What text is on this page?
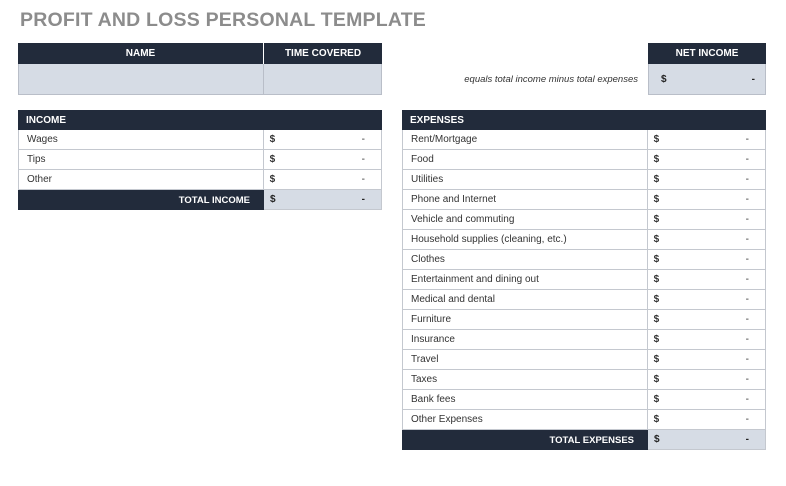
PROFIT AND LOSS PERSONAL TEMPLATE
NAME	TIME COVERED
equals total income minus total expenses
NET INCOME
$	-
INCOME
Wages	$	-
Tips	$	-
Other	$	-
TOTAL INCOME	$	-
EXPENSES
Rent/Mortgage	$	-
Food	$	-
Utilities	$	-
Phone and Internet	$	-
Vehicle and commuting	$	-
Household supplies (cleaning, etc.)	$	-
Clothes	$	-
Entertainment and dining out	$	-
Medical and dental	$	-
Furniture	$	-
Insurance	$	-
Travel	$	-
Taxes	$	-
Bank fees	$	-
Other Expenses	$	-
TOTAL EXPENSES	$	-
